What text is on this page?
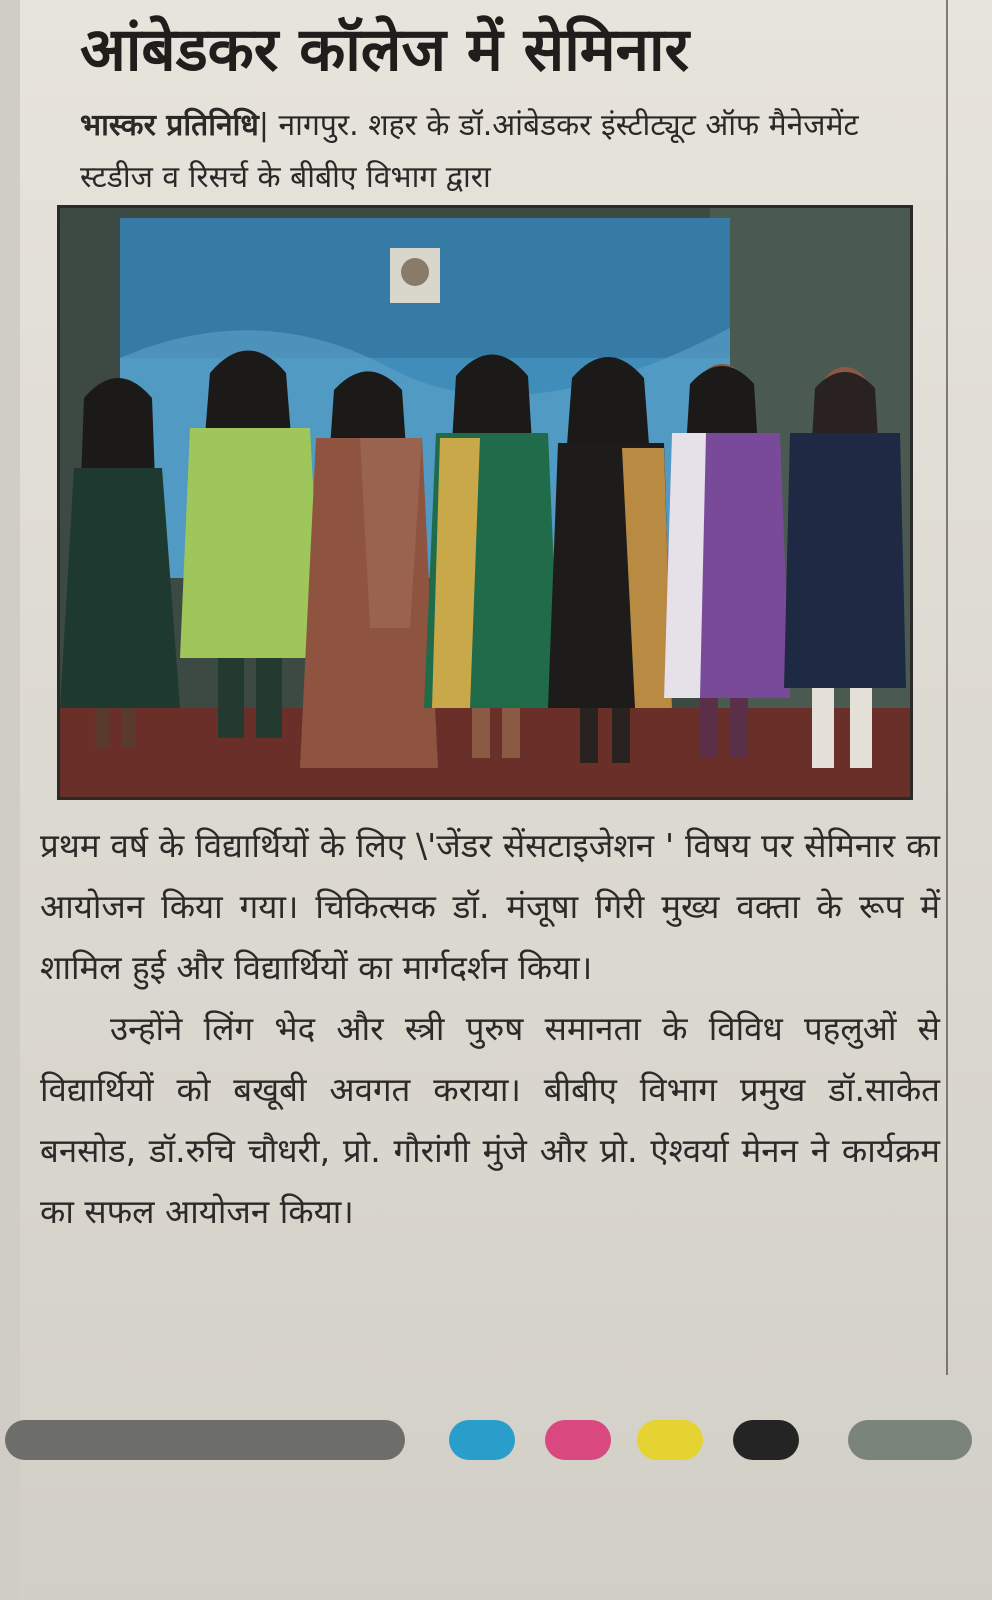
आंबेडकर कॉलेज में सेमिनार
भास्कर प्रतिनिधि| नागपुर. शहर के डॉ.आंबेडकर इंस्टीट्यूट ऑफ मैनेजमेंट स्टडीज व रिसर्च के बीबीए विभाग द्वारा

प्रथम वर्ष के विद्यार्थियों के लिए \'जेंडर सेंसटाइजेशन ' विषय पर सेमिनार का आयोजन किया गया। चिकित्सक डॉ. मंजूषा गिरी मुख्य वक्ता के रूप में शामिल हुई और विद्यार्थियों का मार्गदर्शन किया।

उन्होंने लिंग भेद और स्त्री पुरुष समानता के विविध पहलुओं से विद्यार्थियों को बखूबी अवगत कराया। बीबीए विभाग प्रमुख डॉ.साकेत बनसोड, डॉ.रुचि चौधरी, प्रो. गौरांगी मुंजे और प्रो. ऐश्वर्या मेनन ने कार्यक्रम का सफल आयोजन किया।
